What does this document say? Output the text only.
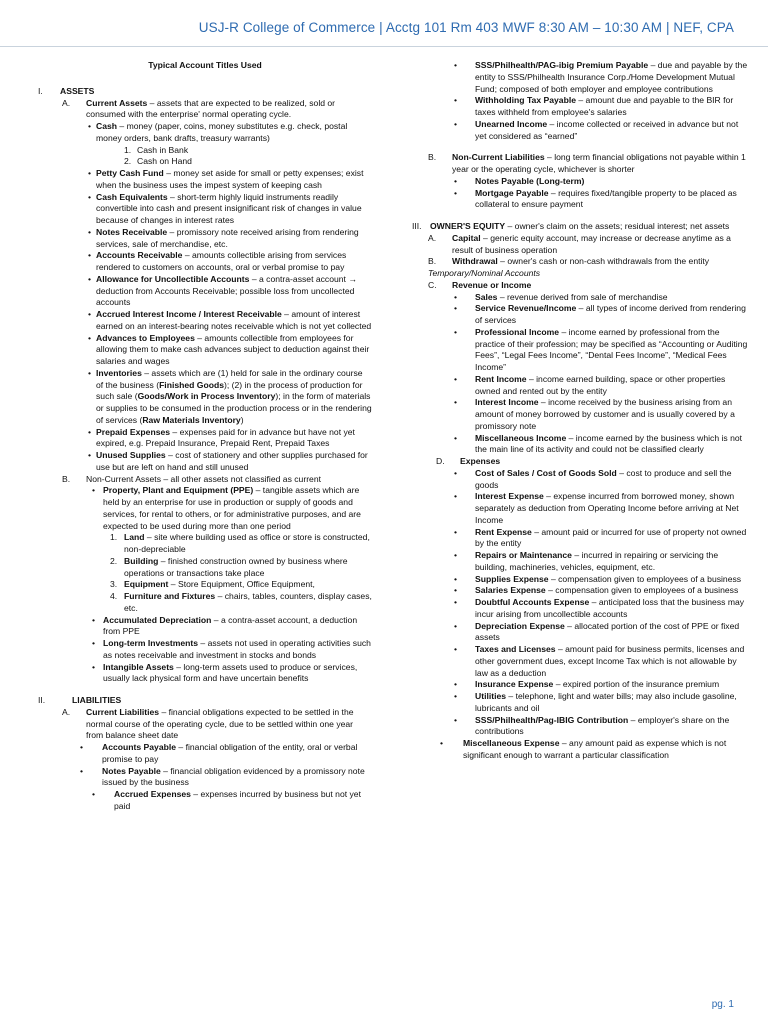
USJ-R College of Commerce | Acctg 101 Rm 403 MWF 8:30 AM – 10:30 AM | NEF, CPA
Typical Account Titles Used
I. ASSETS
A. Current Assets – assets that are expected to be realized, sold or consumed with the enterprise' normal operating cycle.
• Cash – money (paper, coins, money substitutes e.g. check, postal money orders, bank drafts, treasury warrants)
1. Cash in Bank
2. Cash on Hand
• Petty Cash Fund – money set aside for small or petty expenses; exist when the business uses the impest system of keeping cash
• Cash Equivalents – short-term highly liquid instruments readily convertible into cash and present insignificant risk of changes in value because of changes in interest rates
• Notes Receivable – promissory note received arising from rendering services, sale of merchandise, etc.
• Accounts Receivable – amounts collectible arising from services rendered to customers on accounts, oral or verbal promise to pay
• Allowance for Uncollectible Accounts – a contra-asset account → deduction from Accounts Receivable; possible loss from uncollected accounts
• Accrued Interest Income / Interest Receivable – amount of interest earned on an interest-bearing notes receivable which is not yet collected
• Advances to Employees – amounts collectible from employees for allowing them to make cash advances subject to deduction against their salaries and wages
• Inventories – assets which are (1) held for sale in the ordinary course of the business (Finished Goods); (2) in the process of production for such sale (Goods/Work in Process Inventory); in the form of materials or supplies to be consumed in the production process or in the rendering of services (Raw Materials Inventory)
• Prepaid Expenses – expenses paid for in advance but have not yet expired, e.g. Prepaid Insurance, Prepaid Rent, Prepaid Taxes
• Unused Supplies – cost of stationery and other supplies purchased for use but are left on hand and still unused
B. Non-Current Assets – all other assets not classified as current
• Property, Plant and Equipment (PPE) – tangible assets which are held by an enterprise for use in production or supply of goods and services, for rental to others, or for administrative purposes, and are expected to be used during more than one period
1. Land – site where building used as office or store is constructed, non-depreciable
2. Building – finished construction owned by business where operations or transactions take place
3. Equipment – Store Equipment, Office Equipment,
4. Furniture and Fixtures – chairs, tables, counters, display cases, etc.
• Accumulated Depreciation – a contra-asset account, a deduction from PPE
• Long-term Investments – assets not used in operating activities such as notes receivable and investment in stocks and bonds
• Intangible Assets – long-term assets used to produce or services, usually lack physical form and have uncertain benefits
II.	LIABILITIES
A. Current Liabilities – financial obligations expected to be settled in the normal course of the operating cycle, due to be settled within one year from balance sheet date
• Accounts Payable – financial obligation of the entity, oral or verbal promise to pay
• Notes Payable – financial obligation evidenced by a promissory note issued by the business
• Accrued Expenses – expenses incurred by business but not yet paid
• SSS/Philhealth/PAG-ibig Premium Payable – due and payable by the entity to SSS/Philhealth Insurance Corp./Home Development Mutual Fund; composed of both employer and employee contributions
• Withholding Tax Payable – amount due and payable to the BIR for taxes withheld from employee's salaries
• Unearned Income – income collected or received in advance but not yet considered as “earned”
B. Non-Current Liabilities – long term financial obligations not payable within 1 year or the operating cycle, whichever is shorter
• Notes Payable (Long-term)
• Mortgage Payable – requires fixed/tangible property to be placed as collateral to ensure payment
III. OWNER'S EQUITY – owner's claim on the assets; residual interest; net assets
A. Capital – generic equity account, may increase or decrease anytime as a result of business operation
B. Withdrawal – owner's cash or non-cash withdrawals from the entity
Temporary/Nominal Accounts
C. Revenue or Income
• Sales – revenue derived from sale of merchandise
• Service Revenue/Income – all types of income derived from rendering of services
• Professional Income – income earned by professional from the practice of their profession; may be specified as “Accounting or Auditing Fees”, “Legal Fees Income”, “Dental Fees Income”, “Medical Fees Income”
• Rent Income – income earned building, space or other properties owned and rented out by the entity
• Interest Income – income received by the business arising from an amount of money borrowed by customer and is usually covered by a promissory note
• Miscellaneous Income – income earned by the business which is not the main line of its activity and could not be classified clearly
D. Expenses
• Cost of Sales / Cost of Goods Sold – cost to produce and sell the goods
• Interest Expense – expense incurred from borrowed money, shown separately as deduction from Operating Income before arriving at Net Income
• Rent Expense – amount paid or incurred for use of property not owned by the entity
• Repairs or Maintenance – incurred in repairing or servicing the building, machineries, vehicles, equipment, etc.
• Supplies Expense – compensation given to employees of a business
• Salaries Expense – compensation given to employees of a business
• Doubtful Accounts Expense – anticipated loss that the business may incur arising from uncollectible accounts
• Depreciation Expense – allocated portion of the cost of PPE or fixed assets
• Taxes and Licenses – amount paid for business permits, licenses and other government dues, except Income Tax which is not allowable by law as a deduction
• Insurance Expense – expired portion of the insurance premium
• Utilities – telephone, light and water bills; may also include gasoline, lubricants and oil
• SSS/Philhealth/Pag-IBIG Contribution – employer's share on the contributions
• Miscellaneous Expense – any amount paid as expense which is not significant enough to warrant a particular classification
pg. 1
